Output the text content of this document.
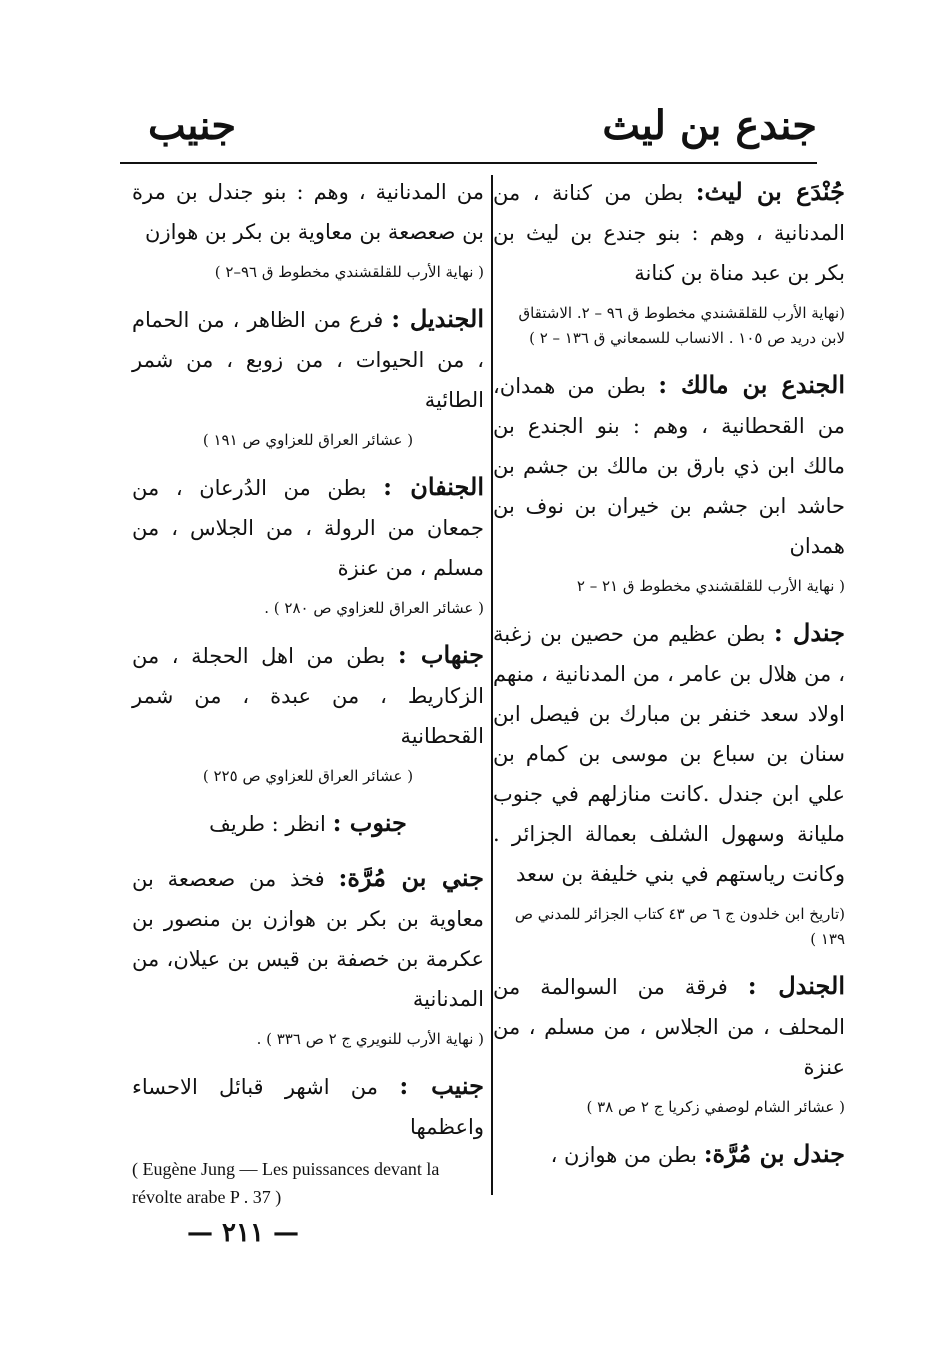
جندع بن ليث
جنيب
جُنْدَع بن ليث: بطن من كنانة ، من المدنانية ، وهم : بنو جندع بن ليث بن بكر بن عبد مناة بن كنانة
(نهاية الأرب للقلقشندي مخطوط ق ٩٦ – ٢. الاشتقاق لابن دريد ص ١٠٥ . الانساب للسمعاني ق ١٣٦ – ٢ )
الجندع بن مالك : بطن من همدان، من القحطانية ، وهم : بنو الجندع بن مالك ابن ذي بارق بن مالك بن جشم بن حاشد ابن جشم بن خيران بن نوف بن همدان
( نهاية الأرب للقلقشندي مخطوط ق ٢١ – ٢
جندل : بطن عظيم من حصين بن زغبة ، من هلال بن عامر ، من المدنانية ، منهم اولاد سعد خنفر بن مبارك بن فيصل ابن سنان بن سباع بن موسى بن كمام بن علي ابن جندل .كانت منازلهم في جنوب مليانة وسهول الشلف بعمالة الجزائر . وكانت رياستهم في بني خليفة بن سعد
(تاريخ ابن خلدون ج ٦ ص ٤٣ كتاب الجزائر للمدني ص ١٣٩ )
الجندل : فرقة من السوالمة من المحلف ، من الجلاس ، من مسلم ، من عنزة
( عشائر الشام لوصفي زكريا ج ٢ ص ٣٨ )
جندل بن مُرَّة: بطن من هوازن ،
من المدنانية ، وهم : بنو جندل بن مرة بن صعصعة بن معاوية بن بكر بن هوازن
( نهاية الأرب للقلقشندي مخطوط ق ٩٦–٢ )
الجنديل : فرع من الظاهر ، من الحمام ، من الحيوات ، من زوبع ، من شمر الطائية
( عشائر العراق للعزاوي ص ١٩١ )
الجنفان : بطن من الدُرعان ، من جمعان من الرولة ، من الجلاس ، من مسلم ، من عنزة
( عشائر العراق للعزاوي ص ٢٨٠ ) .
جنهاب : بطن من اهل الحجلة ، من الزكاريط ، من عبدة ، من شمر القحطانية
( عشائر العراق للعزاوي ص ٢٢٥ )
جنوب : انظر : طريف
جني بن مُرَّة: فخذ من صعصعة بن معاوية بن بكر بن هوازن بن منصور بن عكرمة بن خصفة بن قيس بن عيلان، من المدنانية
( نهاية الأرب للنويري ج ٢ ص ٣٣٦ ) .
جنيب : من اشهر قبائل الاحساء واعظمها
( Eugène Jung — Les puissances devant la révolte arabe P . 37 )
— ٢١١ —
